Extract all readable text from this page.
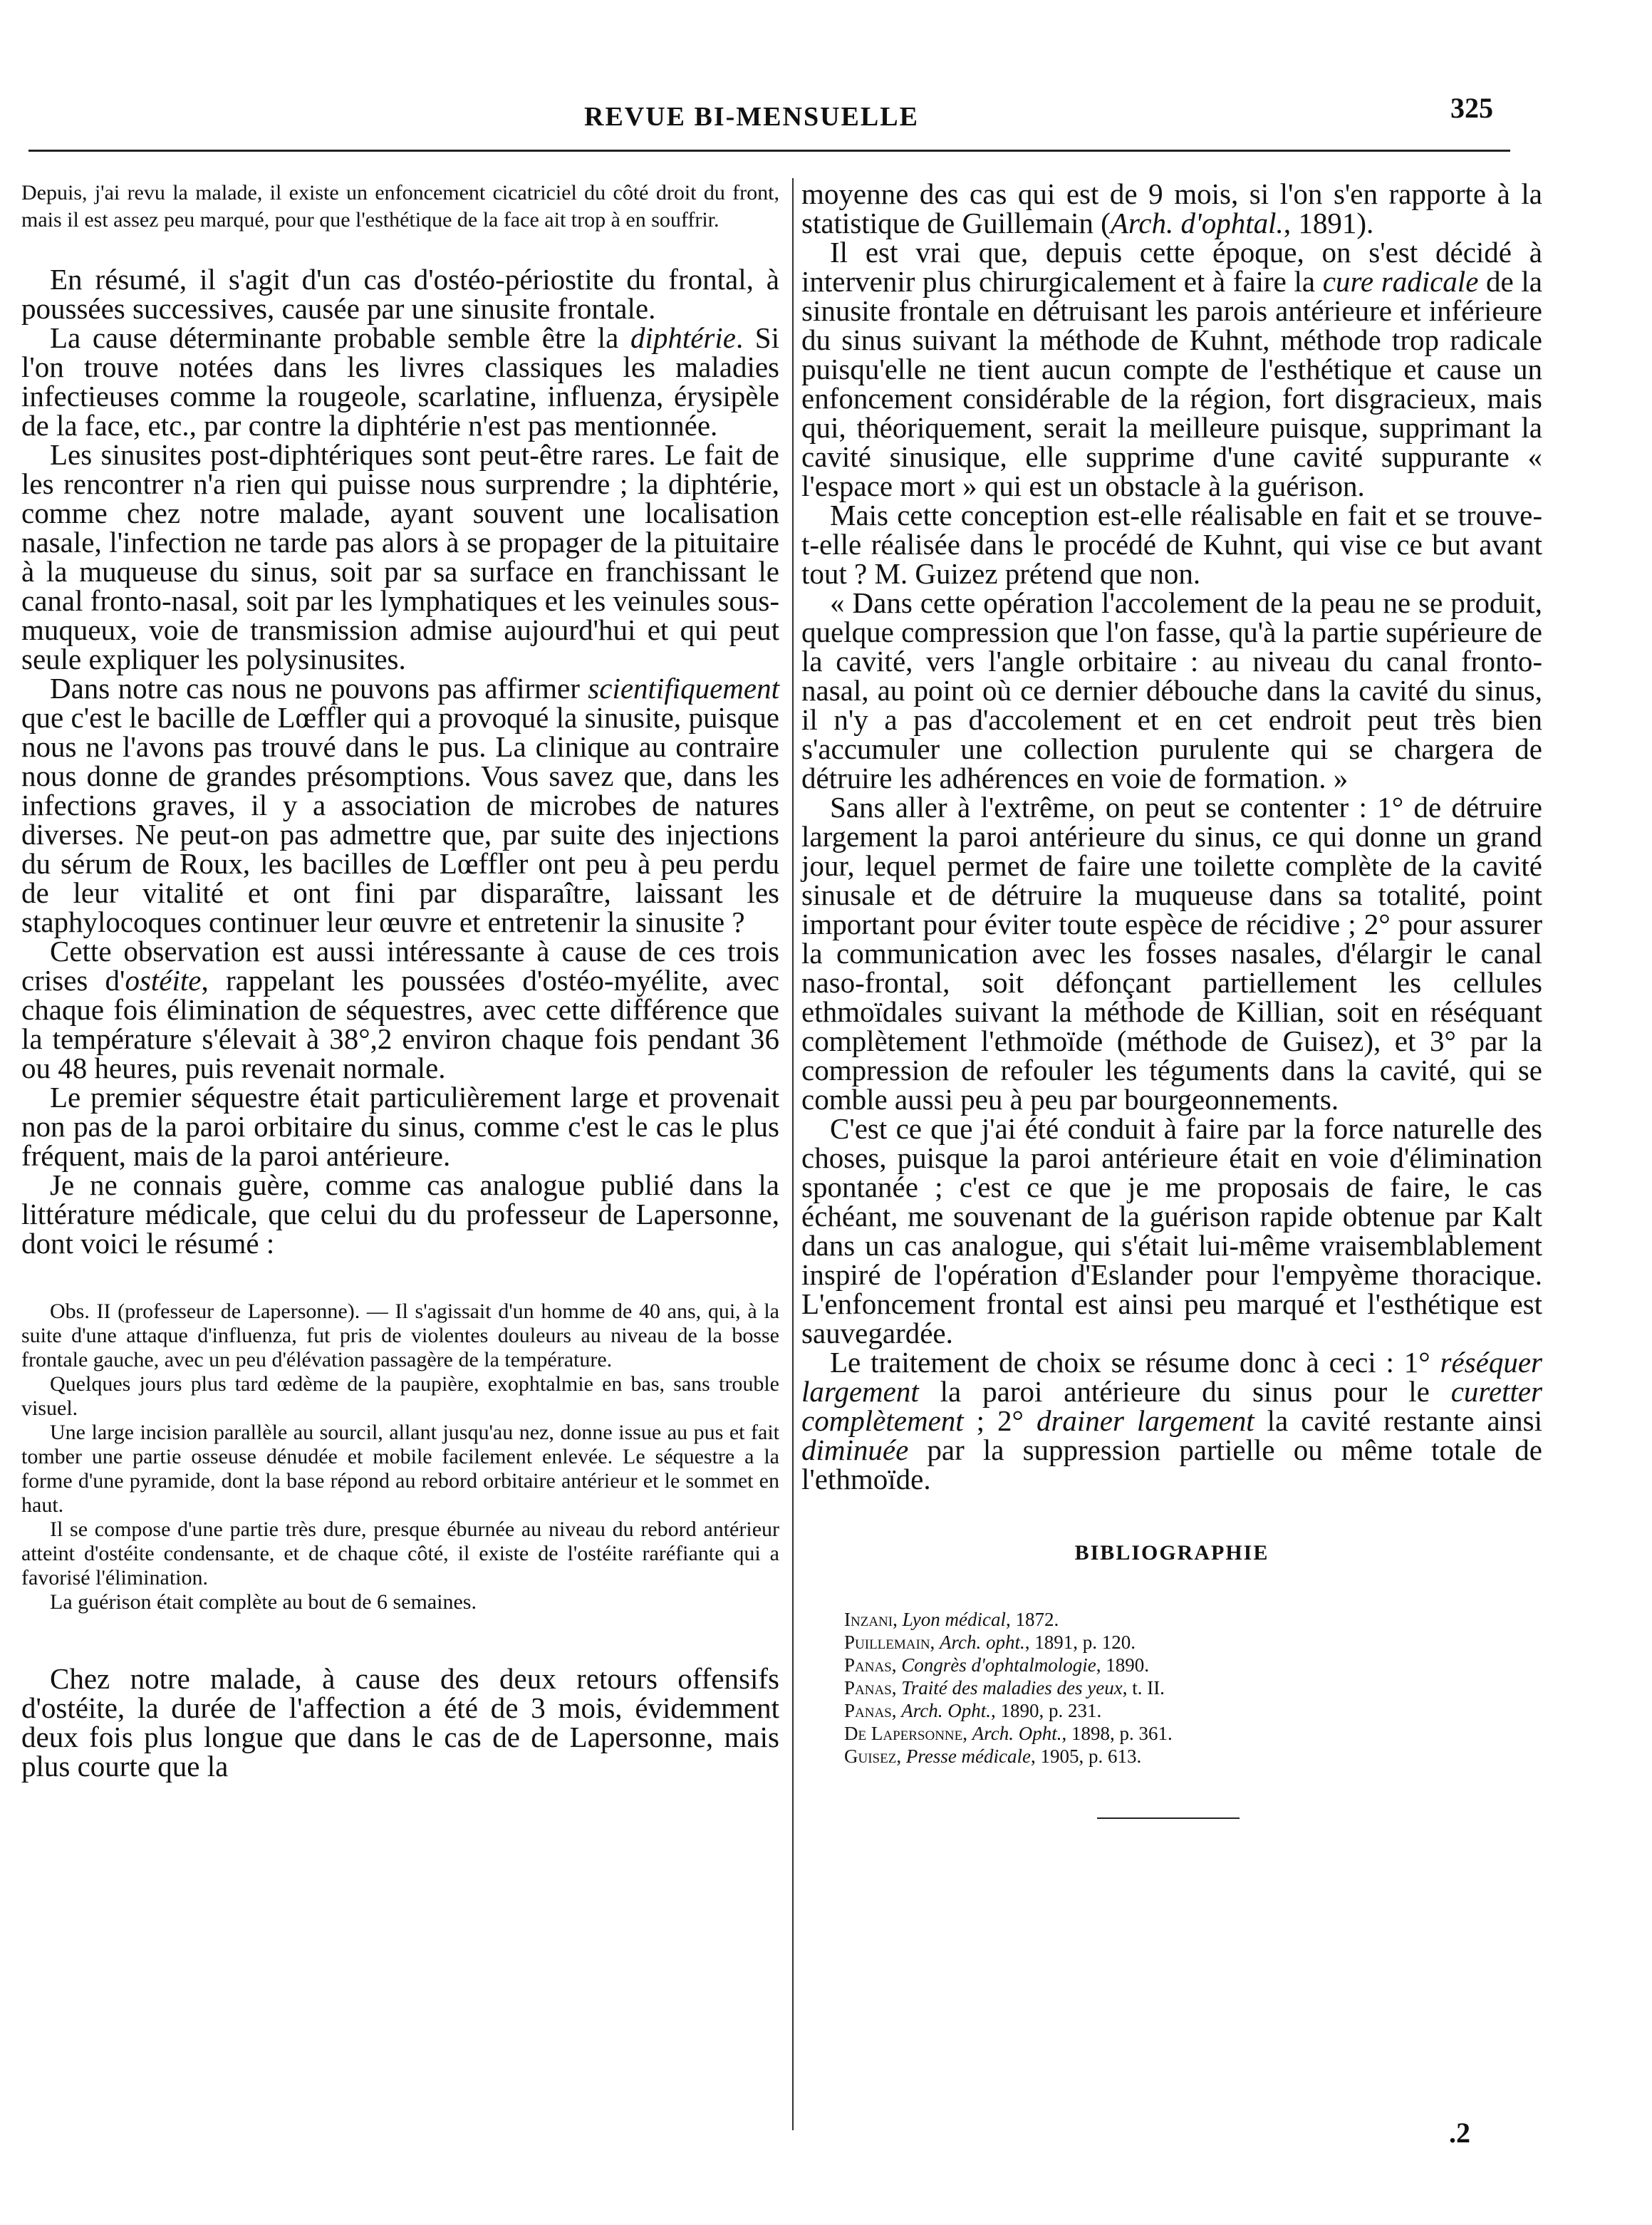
REVUE BI-MENSUELLE	325

Depuis, j'ai revu la malade, il existe un enfoncement cicatriciel du côté droit du front, mais il est assez peu marqué, pour que l'esthétique de la face ait trop à en souffrir.

En résumé, il s'agit d'un cas d'ostéo-périostite du frontal, à poussées successives, causée par une sinusite frontale.

La cause déterminante probable semble être la diphtérie. Si l'on trouve notées dans les livres classiques les maladies infectieuses comme la rougeole, scarlatine, influenza, érysipèle de la face, etc., par contre la diphtérie n'est pas mentionnée.

Les sinusites post-diphtériques sont peut-être rares. Le fait de les rencontrer n'a rien qui puisse nous surprendre ; la diphtérie, comme chez notre malade, ayant souvent une localisation nasale, l'infection ne tarde pas alors à se propager de la pituitaire à la muqueuse du sinus, soit par sa surface en franchissant le canal fronto-nasal, soit par les lymphatiques et les veinules sous-muqueux, voie de transmission admise aujourd'hui et qui peut seule expliquer les polysinusites.

Dans notre cas nous ne pouvons pas affirmer scientifiquement que c'est le bacille de Lœffler qui a provoqué la sinusite, puisque nous ne l'avons pas trouvé dans le pus. La clinique au contraire nous donne de grandes présomptions. Vous savez que, dans les infections graves, il y a association de microbes de natures diverses. Ne peut-on pas admettre que, par suite des injections du sérum de Roux, les bacilles de Lœffler ont peu à peu perdu de leur vitalité et ont fini par disparaître, laissant les staphylocoques continuer leur œuvre et entretenir la sinusite ?

Cette observation est aussi intéressante à cause de ces trois crises d'ostéite, rappelant les poussées d'ostéo-myélite, avec chaque fois élimination de séquestres, avec cette différence que la température s'élevait à 38°,2 environ chaque fois pendant 36 ou 48 heures, puis revenait normale.

Le premier séquestre était particulièrement large et provenait non pas de la paroi orbitaire du sinus, comme c'est le cas le plus fréquent, mais de la paroi antérieure.

Je ne connais guère, comme cas analogue publié dans la littérature médicale, que celui du du professeur de Lapersonne, dont voici le résumé :

Obs. II (professeur de Lapersonne). — Il s'agissait d'un homme de 40 ans, qui, à la suite d'une attaque d'influenza, fut pris de violentes douleurs au niveau de la bosse frontale gauche, avec un peu d'élévation passagère de la température.

Quelques jours plus tard œdème de la paupière, exophtalmie en bas, sans trouble visuel.

Une large incision parallèle au sourcil, allant jusqu'au nez, donne issue au pus et fait tomber une partie osseuse dénudée et mobile facilement enlevée. Le séquestre a la forme d'une pyramide, dont la base répond au rebord orbitaire antérieur et le sommet en haut.

Il se compose d'une partie très dure, presque éburnée au niveau du rebord antérieur atteint d'ostéite condensante, et de chaque côté, il existe de l'ostéite raréfiante qui a favorisé l'élimination.

La guérison était complète au bout de 6 semaines.

Chez notre malade, à cause des deux retours offensifs d'ostéite, la durée de l'affection a été de 3 mois, évidemment deux fois plus longue que dans le cas de de Lapersonne, mais plus courte que la

moyenne des cas qui est de 9 mois, si l'on s'en rapporte à la statistique de Guillemain (Arch. d'ophtal., 1891).

Il est vrai que, depuis cette époque, on s'est décidé à intervenir plus chirurgicalement et à faire la cure radicale de la sinusite frontale en détruisant les parois antérieure et inférieure du sinus suivant la méthode de Kuhnt, méthode trop radicale puisqu'elle ne tient aucun compte de l'esthétique et cause un enfoncement considérable de la région, fort disgracieux, mais qui, théoriquement, serait la meilleure puisque, supprimant la cavité sinusique, elle supprime d'une cavité suppurante « l'espace mort » qui est un obstacle à la guérison.

Mais cette conception est-elle réalisable en fait et se trouve-t-elle réalisée dans le procédé de Kuhnt, qui vise ce but avant tout ? M. Guizez prétend que non.

« Dans cette opération l'accolement de la peau ne se produit, quelque compression que l'on fasse, qu'à la partie supérieure de la cavité, vers l'angle orbitaire : au niveau du canal fronto-nasal, au point où ce dernier débouche dans la cavité du sinus, il n'y a pas d'accolement et en cet endroit peut très bien s'accumuler une collection purulente qui se chargera de détruire les adhérences en voie de formation. »

Sans aller à l'extrême, on peut se contenter : 1° de détruire largement la paroi antérieure du sinus, ce qui donne un grand jour, lequel permet de faire une toilette complète de la cavité sinusale et de détruire la muqueuse dans sa totalité, point important pour éviter toute espèce de récidive ; 2° pour assurer la communication avec les fosses nasales, d'élargir le canal naso-frontal, soit défonçant partiellement les cellules ethmoïdales suivant la méthode de Killian, soit en réséquant complètement l'ethmoïde (méthode de Guisez), et 3° par la compression de refouler les téguments dans la cavité, qui se comble aussi peu à peu par bourgeonnements.

C'est ce que j'ai été conduit à faire par la force naturelle des choses, puisque la paroi antérieure était en voie d'élimination spontanée ; c'est ce que je me proposais de faire, le cas échéant, me souvenant de la guérison rapide obtenue par Kalt dans un cas analogue, qui s'était lui-même vraisemblablement inspiré de l'opération d'Eslander pour l'empyème thoracique. L'enfoncement frontal est ainsi peu marqué et l'esthétique est sauvegardée.

Le traitement de choix se résume donc à ceci : 1° réséquer largement la paroi antérieure du sinus pour le curetter complètement ; 2° drainer largement la cavité restante ainsi diminuée par la suppression partielle ou même totale de l'ethmoïde.

BIBLIOGRAPHIE
Inzani, Lyon médical, 1872.
Puillemain, Arch. opht., 1891, p. 120.
Panas, Congrès d'ophtalmologie, 1890.
Panas, Traité des maladies des yeux, t. II.
Panas, Arch. Opht., 1890, p. 231.
De Lapersonne, Arch. Opht., 1898, p. 361.
Guisez, Presse médicale, 1905, p. 613.
.2
